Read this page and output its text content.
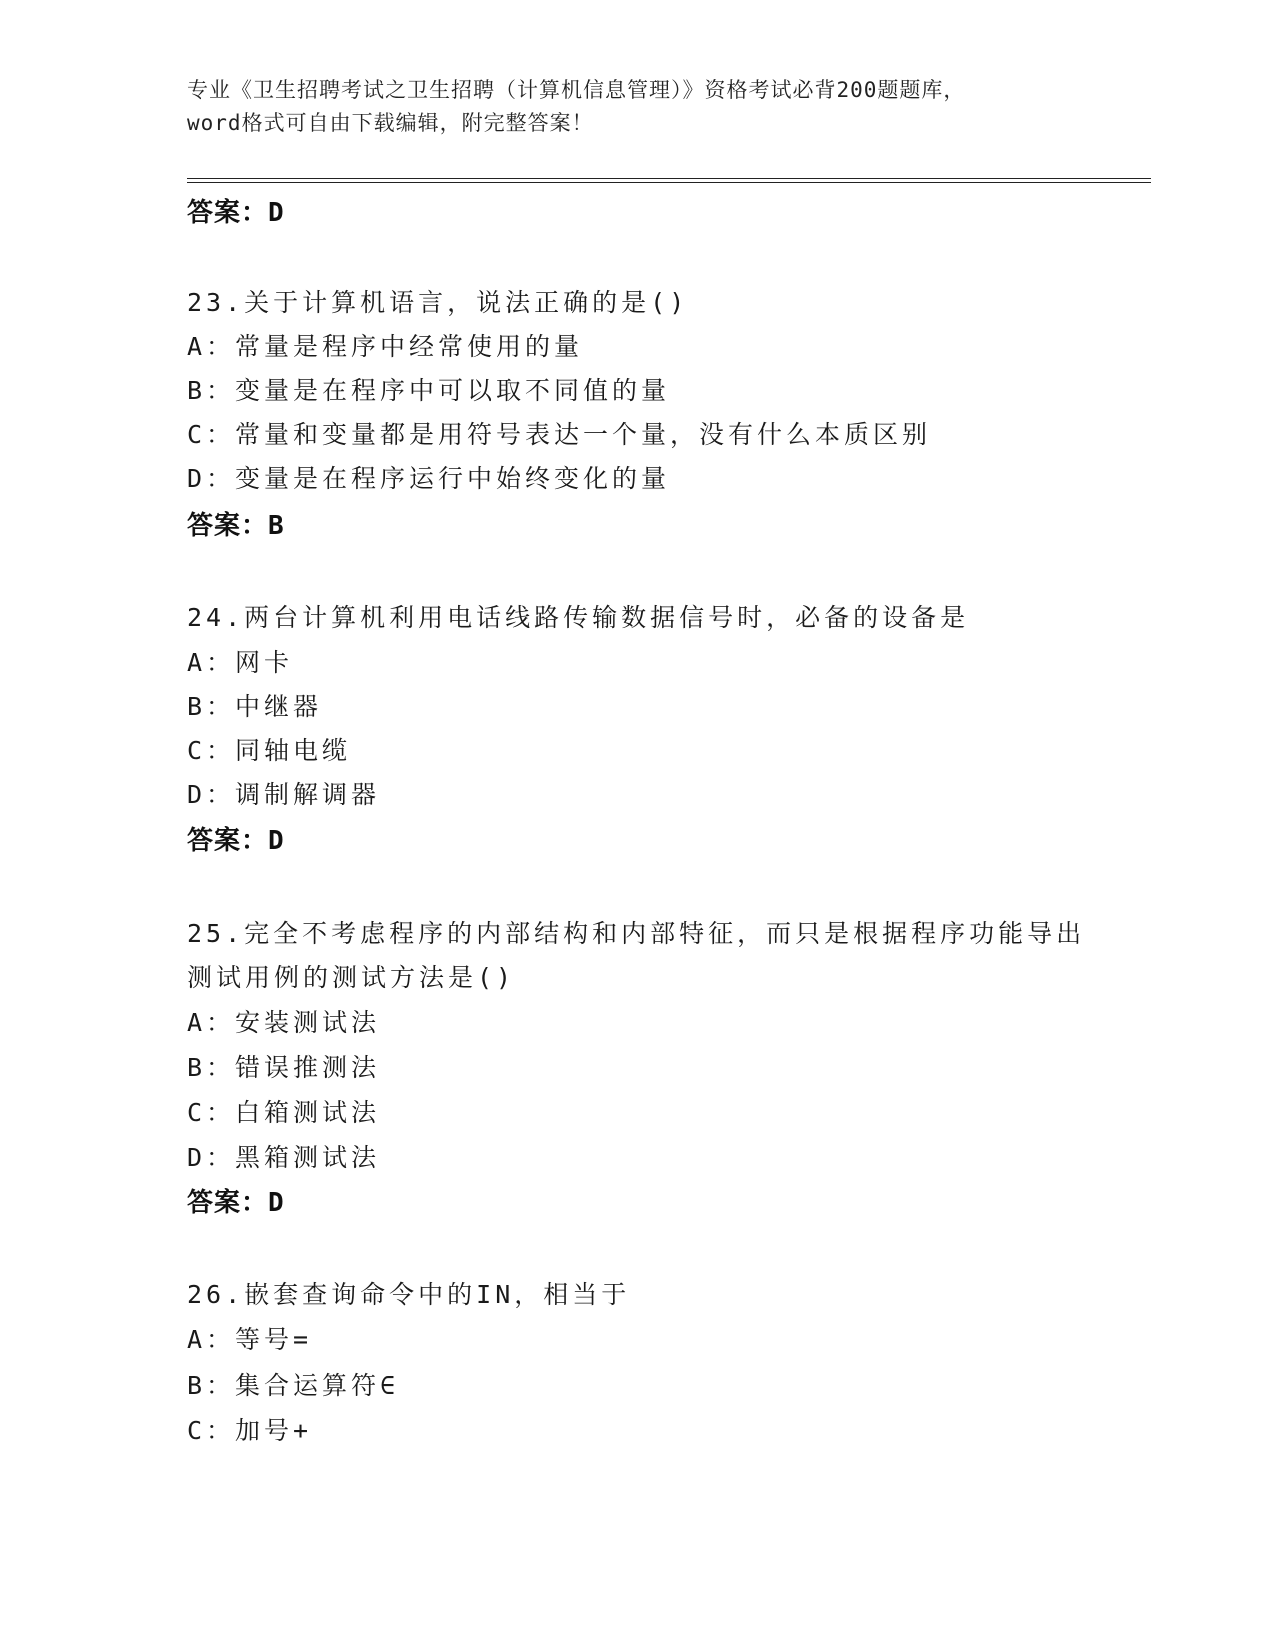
专业《卫生招聘考试之卫生招聘（计算机信息管理）》资格考试必背200题题库，
word格式可自由下载编辑，附完整答案！
答案：D
23.关于计算机语言，说法正确的是()
A：常量是程序中经常使用的量
B：变量是在程序中可以取不同值的量
C：常量和变量都是用符号表达一个量，没有什么本质区别
D：变量是在程序运行中始终变化的量
答案：B
24.两台计算机利用电话线路传输数据信号时，必备的设备是
A：网卡
B：中继器
C：同轴电缆
D：调制解调器
答案：D
25.完全不考虑程序的内部结构和内部特征，而只是根据程序功能导出
测试用例的测试方法是()
A：安装测试法
B：错误推测法
C：白箱测试法
D：黑箱测试法
答案：D
26.嵌套查询命令中的IN，相当于
A：等号=
B：集合运算符∈
C：加号+
